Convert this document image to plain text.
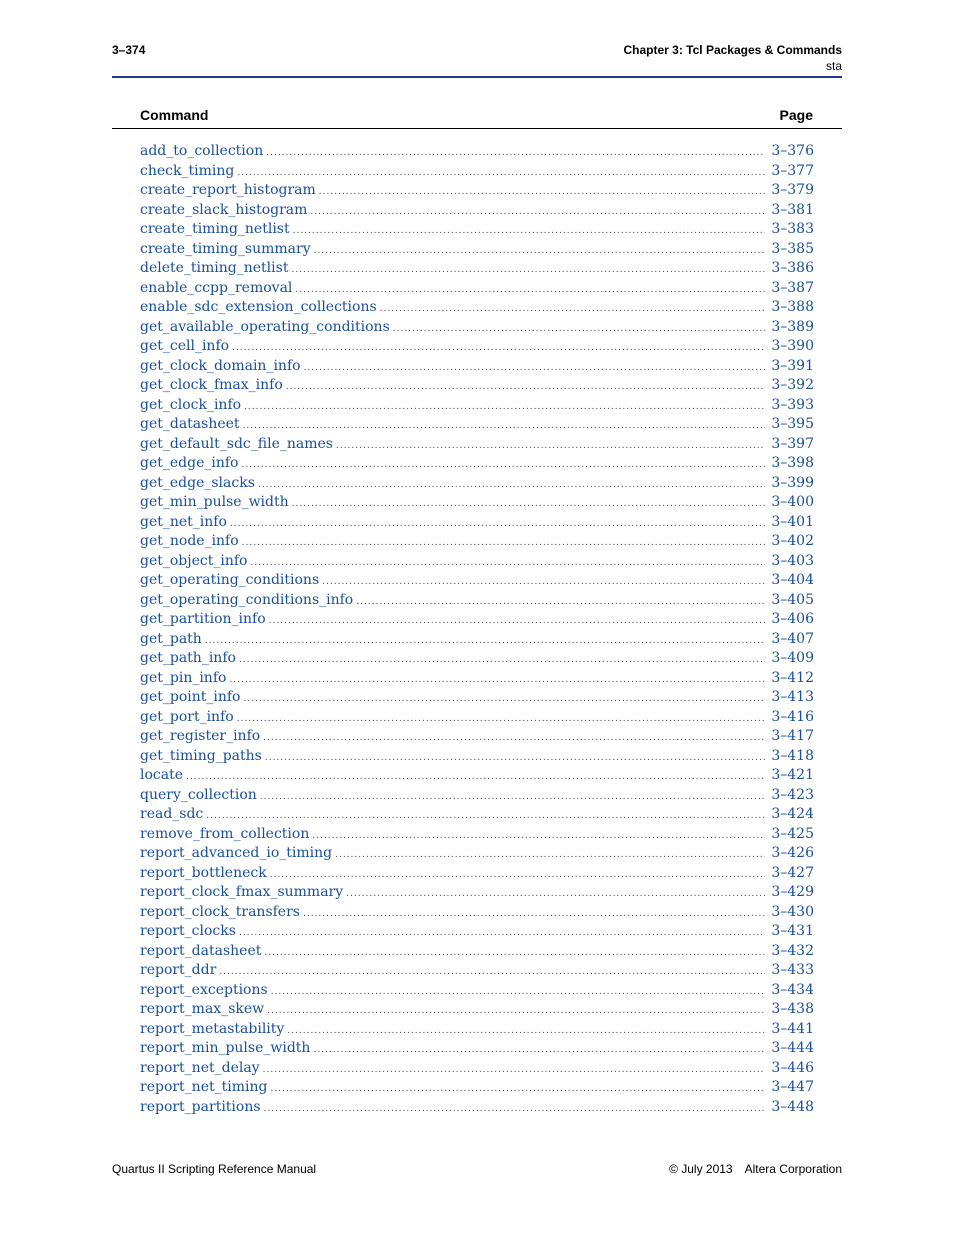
3–374	Chapter 3: Tcl Packages & Commands
sta
Command	Page
add_to_collection .....	3–376
check_timing .....	3–377
create_report_histogram .....	3–379
create_slack_histogram .....	3–381
create_timing_netlist .....	3–383
create_timing_summary .....	3–385
delete_timing_netlist .....	3–386
enable_ccpp_removal .....	3–387
enable_sdc_extension_collections .....	3–388
get_available_operating_conditions .....	3–389
get_cell_info .....	3–390
get_clock_domain_info .....	3–391
get_clock_fmax_info .....	3–392
get_clock_info .....	3–393
get_datasheet .....	3–395
get_default_sdc_file_names .....	3–397
get_edge_info .....	3–398
get_edge_slacks .....	3–399
get_min_pulse_width .....	3–400
get_net_info .....	3–401
get_node_info .....	3–402
get_object_info .....	3–403
get_operating_conditions .....	3–404
get_operating_conditions_info .....	3–405
get_partition_info .....	3–406
get_path .....	3–407
get_path_info .....	3–409
get_pin_info .....	3–412
get_point_info .....	3–413
get_port_info .....	3–416
get_register_info .....	3–417
get_timing_paths .....	3–418
locate .....	3–421
query_collection .....	3–423
read_sdc .....	3–424
remove_from_collection .....	3–425
report_advanced_io_timing .....	3–426
report_bottleneck .....	3–427
report_clock_fmax_summary .....	3–429
report_clock_transfers .....	3–430
report_clocks .....	3–431
report_datasheet .....	3–432
report_ddr .....	3–433
report_exceptions .....	3–434
report_max_skew .....	3–438
report_metastability .....	3–441
report_min_pulse_width .....	3–444
report_net_delay .....	3–446
report_net_timing .....	3–447
report_partitions .....	3–448
Quartus II Scripting Reference Manual	© July 2013 Altera Corporation
